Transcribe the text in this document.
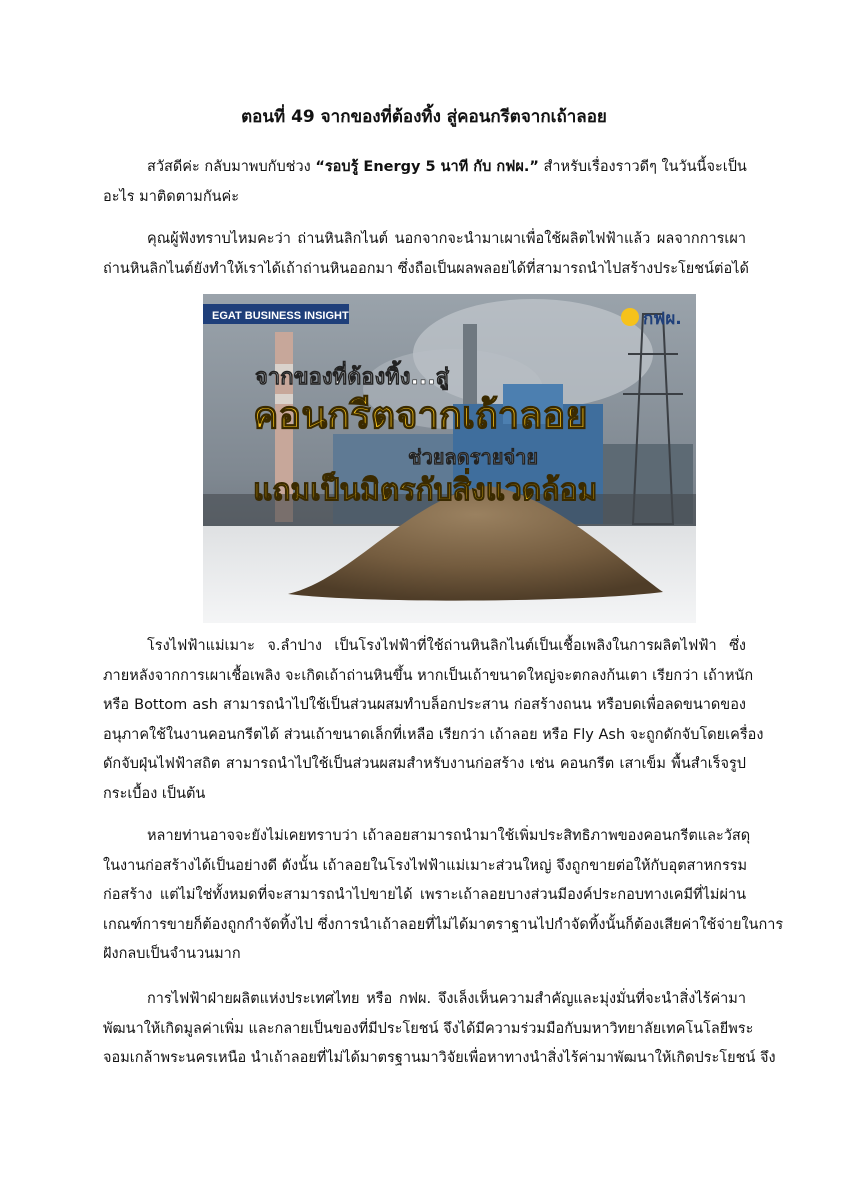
ตอนที่ 49 จากของที่ต้องทิ้ง สู่คอนกรีตจากเถ้าลอย
สวัสดีค่ะ กลับมาพบกับช่วง “รอบรู้ Energy 5 นาที กับ กฟผ.” สำหรับเรื่องราวดีๆ ในวันนี้จะเป็น
อะไร มาติดตามกันค่ะ
คุณผู้ฟังทราบไหมคะว่า ถ่านหินลิกไนต์ นอกจากจะนำมาเผาเพื่อใช้ผลิตไฟฟ้าแล้ว ผลจากการเผา
ถ่านหินลิกไนต์ยังทำให้เราได้เถ้าถ่านหินออกมา ซึ่งถือเป็นผลพลอยได้ที่สามารถนำไปสร้างประโยชน์ต่อได้
EGAT BUSINESS INSIGHT	กฟผ.
จากของที่ต้องทิ้ง...สู่
คอนกรีตจากเถ้าลอย
ช่วยลดรายจ่าย
แถมเป็นมิตรกับสิ่งแวดล้อม
โรงไฟฟ้าแม่เมาะ จ.ลำปาง เป็นโรงไฟฟ้าที่ใช้ถ่านหินลิกไนต์เป็นเชื้อเพลิงในการผลิตไฟฟ้า ซึ่ง
ภายหลังจากการเผาเชื้อเพลิง จะเกิดเถ้าถ่านหินขึ้น หากเป็นเถ้าขนาดใหญ่จะตกลงก้นเตา เรียกว่า เถ้าหนัก
หรือ Bottom ash สามารถนำไปใช้เป็นส่วนผสมทำบล็อกประสาน ก่อสร้างถนน หรือบดเพื่อลดขนาดของ
อนุภาคใช้ในงานคอนกรีตได้ ส่วนเถ้าขนาดเล็กที่เหลือ เรียกว่า เถ้าลอย หรือ Fly Ash จะถูกดักจับโดยเครื่อง
ดักจับฝุ่นไฟฟ้าสถิต สามารถนำไปใช้เป็นส่วนผสมสำหรับงานก่อสร้าง เช่น คอนกรีต เสาเข็ม พื้นสำเร็จรูป
กระเบื้อง เป็นต้น
หลายท่านอาจจะยังไม่เคยทราบว่า เถ้าลอยสามารถนำมาใช้เพิ่มประสิทธิภาพของคอนกรีตและวัสดุ
ในงานก่อสร้างได้เป็นอย่างดี ดังนั้น เถ้าลอยในโรงไฟฟ้าแม่เมาะส่วนใหญ่ จึงถูกขายต่อให้กับอุตสาหกรรม
ก่อสร้าง แต่ไม่ใช่ทั้งหมดที่จะสามารถนำไปขายได้ เพราะเถ้าลอยบางส่วนมีองค์ประกอบทางเคมีที่ไม่ผ่าน
เกณฑ์การขายก็ต้องถูกกำจัดทิ้งไป ซึ่งการนำเถ้าลอยที่ไม่ได้มาตราฐานไปกำจัดทิ้งนั้นก็ต้องเสียค่าใช้จ่ายในการ
ฝังกลบเป็นจำนวนมาก
การไฟฟ้าฝ่ายผลิตแห่งประเทศไทย หรือ กฟผ. จึงเล็งเห็นความสำคัญและมุ่งมั่นที่จะนำสิ่งไร้ค่ามา
พัฒนาให้เกิดมูลค่าเพิ่ม และกลายเป็นของที่มีประโยชน์ จึงได้มีความร่วมมือกับมหาวิทยาลัยเทคโนโลยีพระ
จอมเกล้าพระนครเหนือ นำเถ้าลอยที่ไม่ได้มาตรฐานมาวิจัยเพื่อหาทางนำสิ่งไร้ค่ามาพัฒนาให้เกิดประโยชน์ จึง
